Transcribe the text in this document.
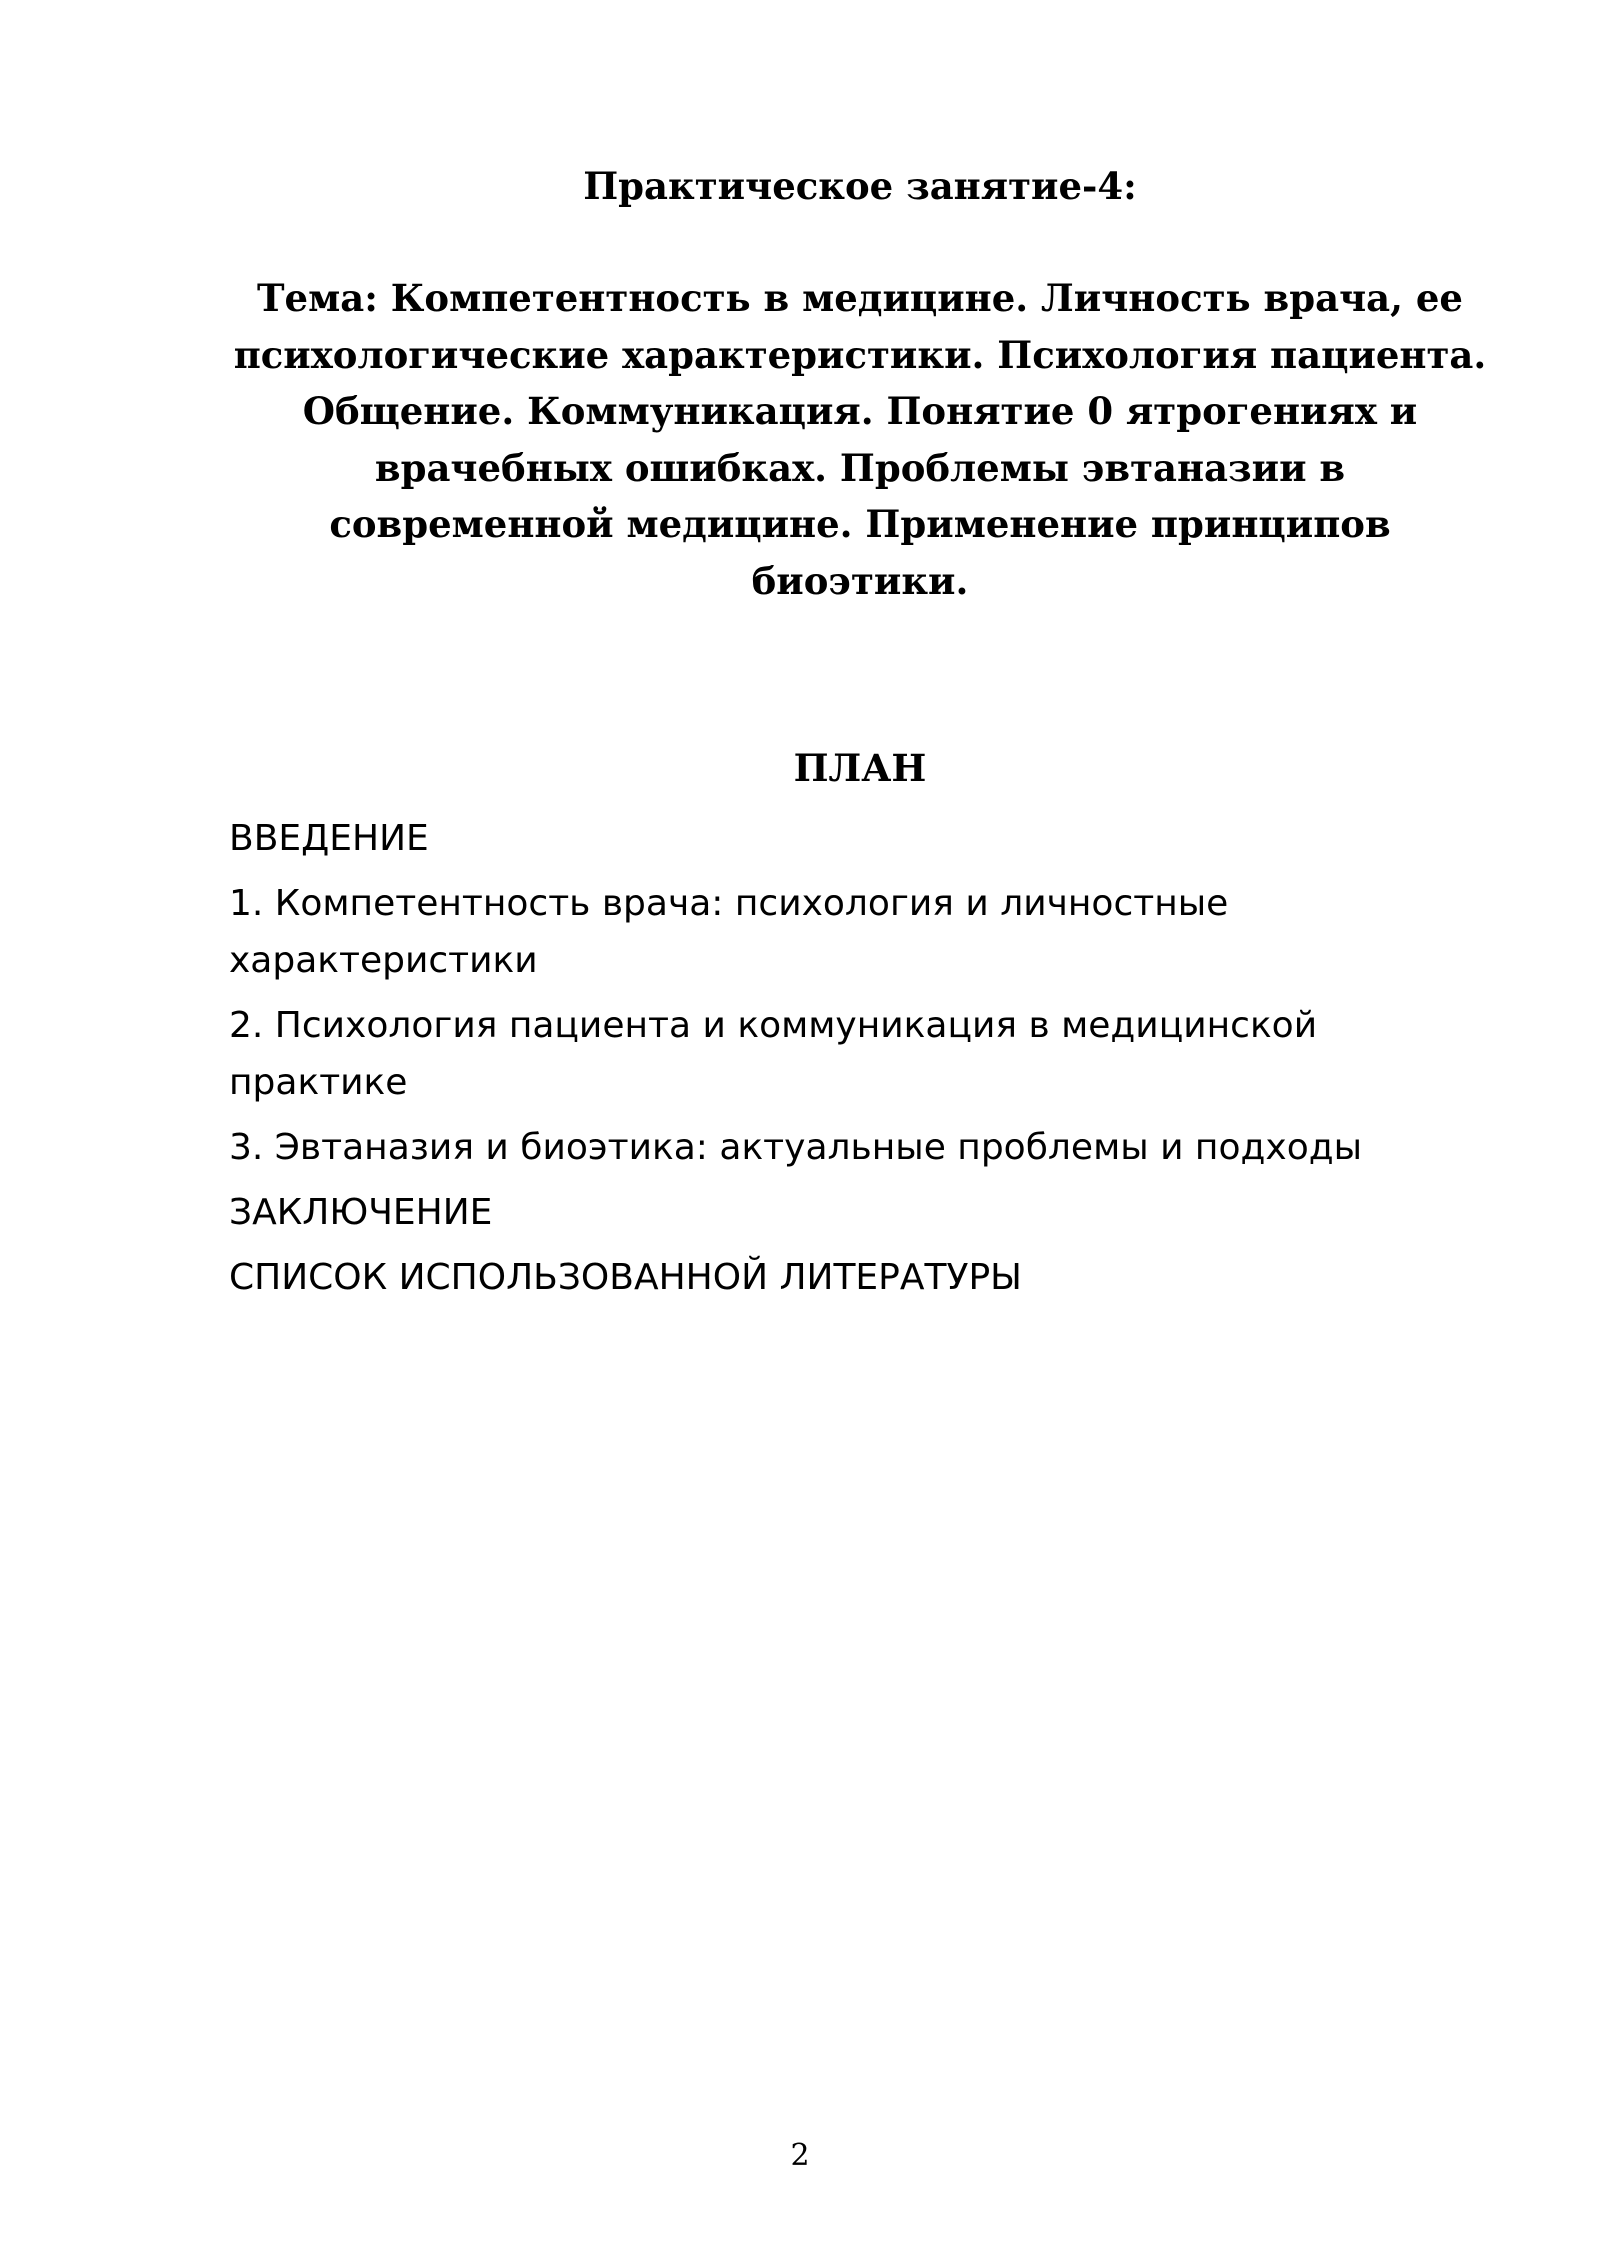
Практическое занятие-4:

Тема: Компетентность в медицине. Личность врача, ее психологические характеристики. Психология пациента. Общение. Коммуникация. Понятие 0 ятрогениях и врачебных ошибках. Проблемы эвтаназии в современной медицине. Применение принципов биоэтики.

ПЛАН
ВВЕДЕНИЕ
1. Компетентность врача: психология и личностные характеристики
2. Психология пациента и коммуникация в медицинской практике
3. Эвтаназия и биоэтика: актуальные проблемы и подходы
ЗАКЛЮЧЕНИЕ
СПИСОК ИСПОЛЬЗОВАННОЙ ЛИТЕРАТУРЫ
2
